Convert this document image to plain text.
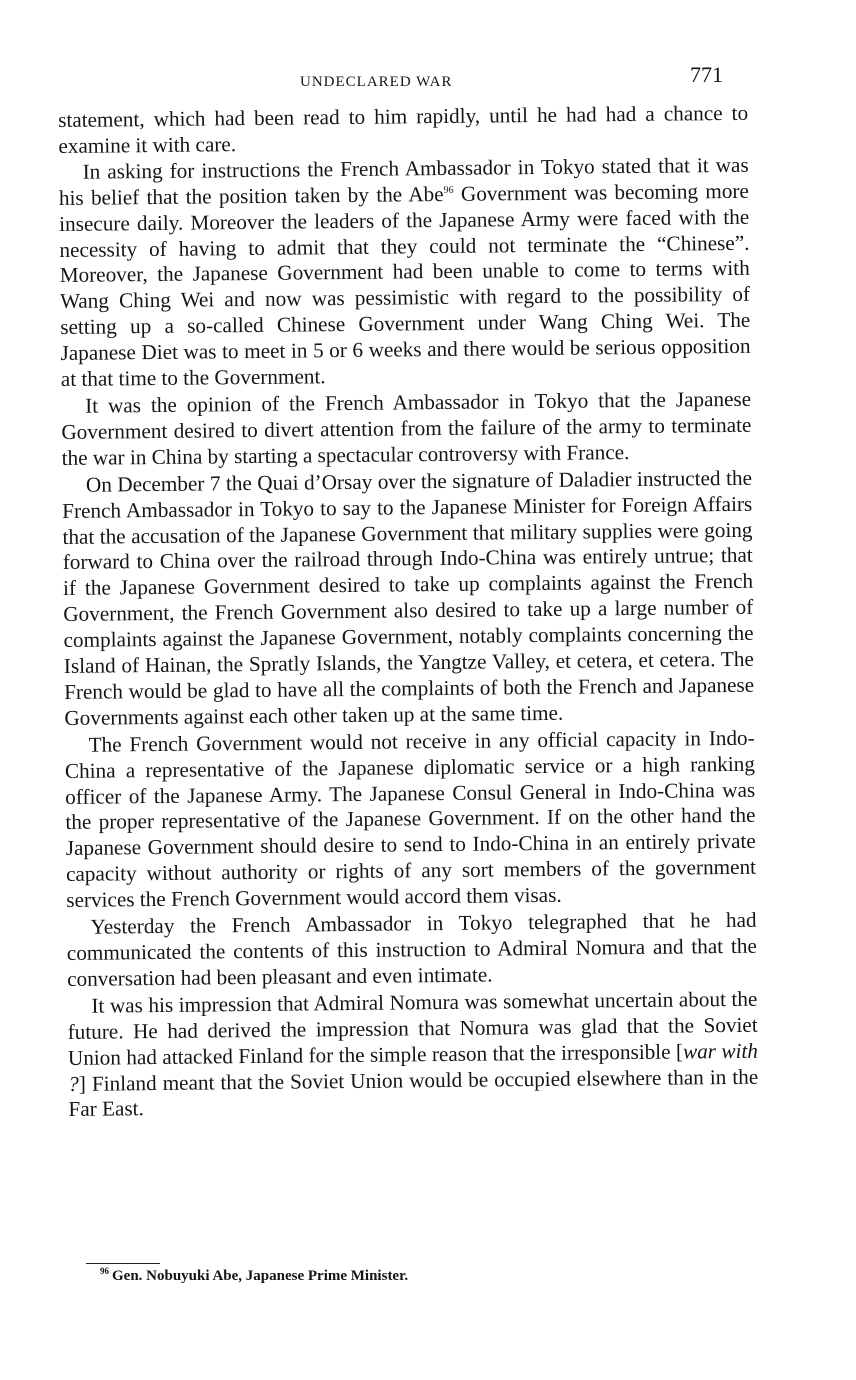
UNDECLARED WAR	771

statement, which had been read to him rapidly, until he had had a chance to examine it with care.

In asking for instructions the French Ambassador in Tokyo stated that it was his belief that the position taken by the Abe$^{96}$ Government was becoming more insecure daily. Moreover the leaders of the Japanese Army were faced with the necessity of having to admit that they could not terminate the “Chinese”. Moreover, the Japanese Government had been unable to come to terms with Wang Ching Wei and now was pessimistic with regard to the possibility of setting up a so-called Chinese Government under Wang Ching Wei. The Japanese Diet was to meet in 5 or 6 weeks and there would be serious opposition at that time to the Government.

It was the opinion of the French Ambassador in Tokyo that the Japanese Government desired to divert attention from the failure of the army to terminate the war in China by starting a spectacular controversy with France.

On December 7 the Quai d’Orsay over the signature of Daladier instructed the French Ambassador in Tokyo to say to the Japanese Minister for Foreign Affairs that the accusation of the Japanese Government that military supplies were going forward to China over the railroad through Indo-China was entirely untrue; that if the Japanese Government desired to take up complaints against the French Government, the French Government also desired to take up a large number of complaints against the Japanese Government, notably complaints concerning the Island of Hainan, the Spratly Islands, the Yangtze Valley, et cetera, et cetera. The French would be glad to have all the complaints of both the French and Japanese Governments against each other taken up at the same time.

The French Government would not receive in any official capacity in Indo-China a representative of the Japanese diplomatic service or a high ranking officer of the Japanese Army. The Japanese Consul General in Indo-China was the proper representative of the Japanese Government. If on the other hand the Japanese Government should desire to send to Indo-China in an entirely private capacity without authority or rights of any sort members of the government services the French Government would accord them visas.

Yesterday the French Ambassador in Tokyo telegraphed that he had communicated the contents of this instruction to Admiral Nomura and that the conversation had been pleasant and even intimate.

It was his impression that Admiral Nomura was somewhat uncertain about the future. He had derived the impression that Nomura was glad that the Soviet Union had attacked Finland for the simple reason that the irresponsible [war with ?] Finland meant that the Soviet Union would be occupied elsewhere than in the Far East.

$^{96}$ Gen. Nobuyuki Abe, Japanese Prime Minister.
